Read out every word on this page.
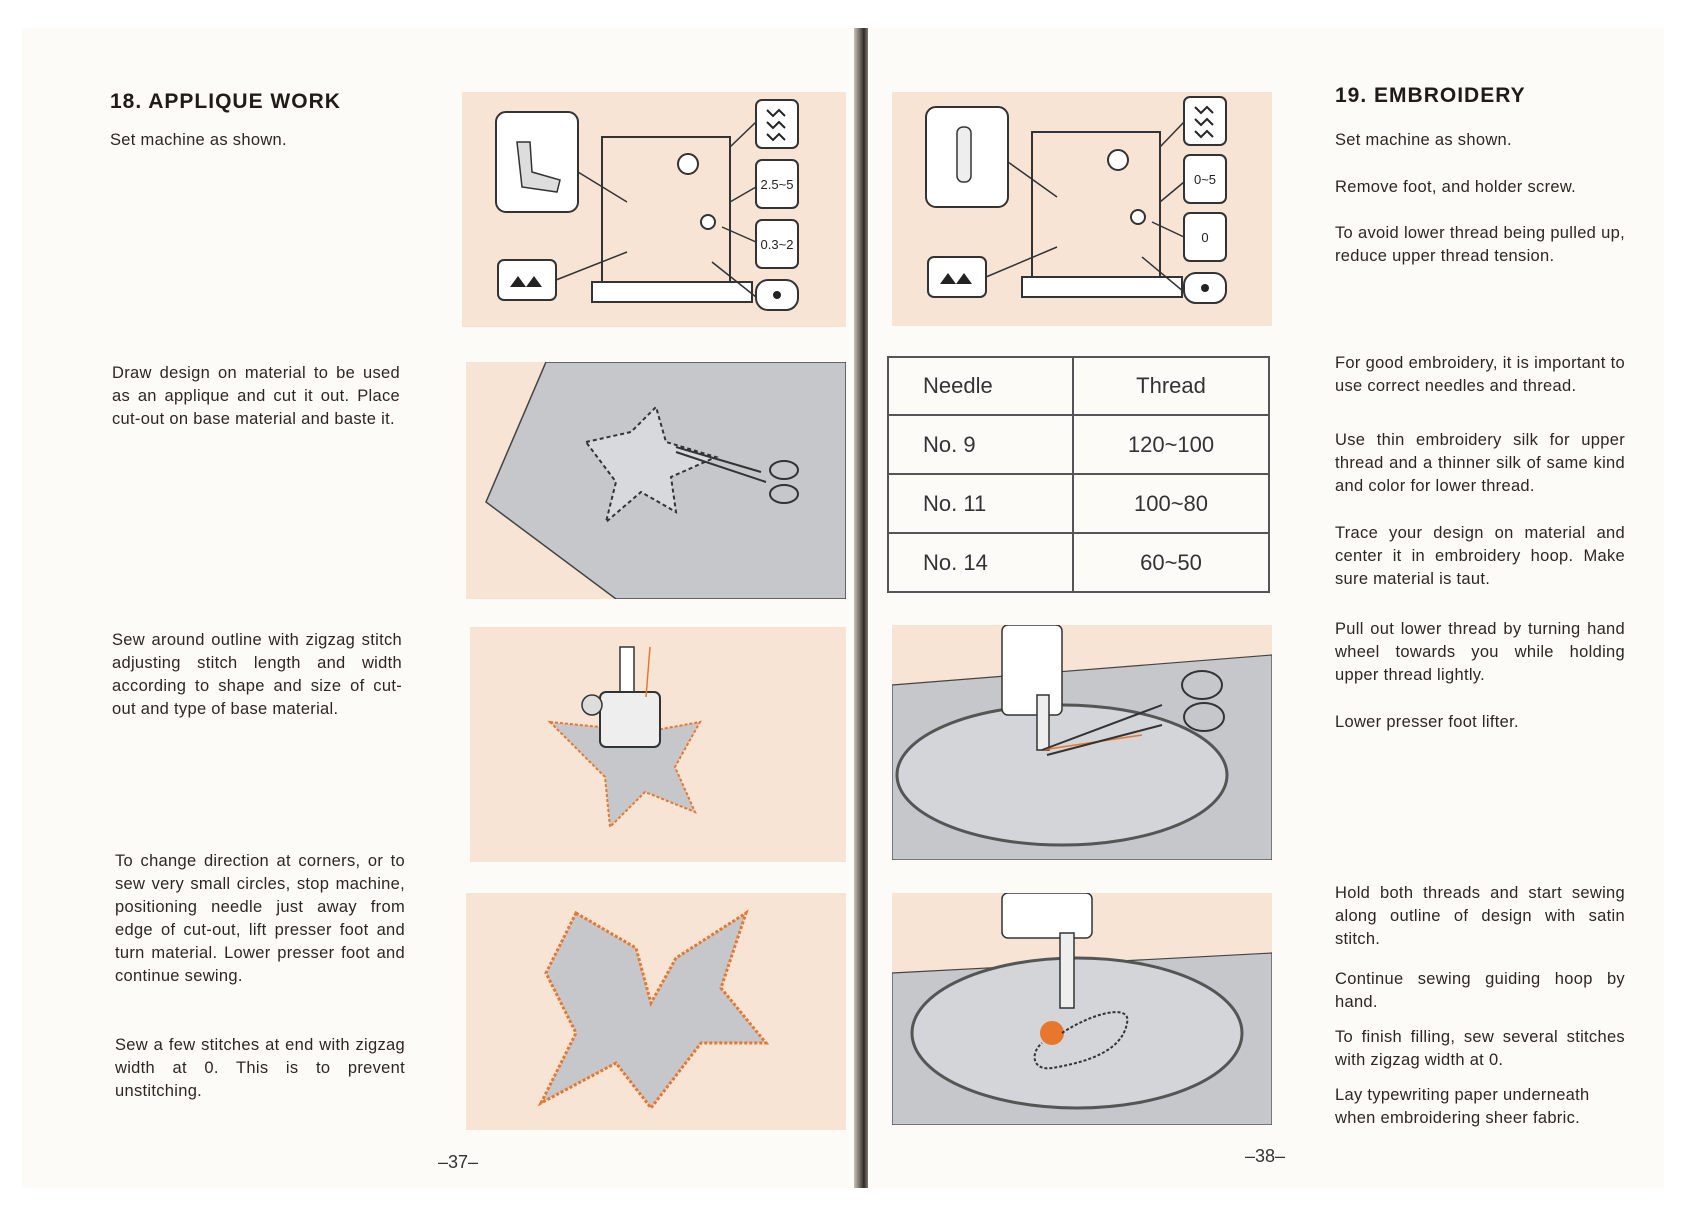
18. APPLIQUE WORK

Set machine as shown.

Draw design on material to be used as an applique and cut it out. Place cut-out on base material and baste it.

Sew around outline with zigzag stitch adjusting stitch length and width according to shape and size of cut-out and type of base material.

To change direction at corners, or to sew very small circles, stop machine, positioning needle just away from edge of cut-out, lift presser foot and turn material. Lower presser foot and continue sewing.

Sew a few stitches at end with zigzag width at 0. This is to prevent unstitching.

–37–
2.5~5
0.3~2
0~5
0
Needle	Thread
No. 9	120~100
No. 11	100~80
No. 14	60~50
19. EMBROIDERY

Set machine as shown.

Remove foot, and holder screw.

To avoid lower thread being pulled up, reduce upper thread tension.

For good embroidery, it is important to use correct needles and thread.

Use thin embroidery silk for upper thread and a thinner silk of same kind and color for lower thread.

Trace your design on material and center it in embroidery hoop. Make sure material is taut.

Pull out lower thread by turning hand wheel towards you while holding upper thread lightly.

Lower presser foot lifter.

Hold both threads and start sewing along outline of design with satin stitch.

Continue sewing guiding hoop by hand.

To finish filling, sew several stitches with zigzag width at 0.

Lay typewriting paper underneath when embroidering sheer fabric.

–38–
